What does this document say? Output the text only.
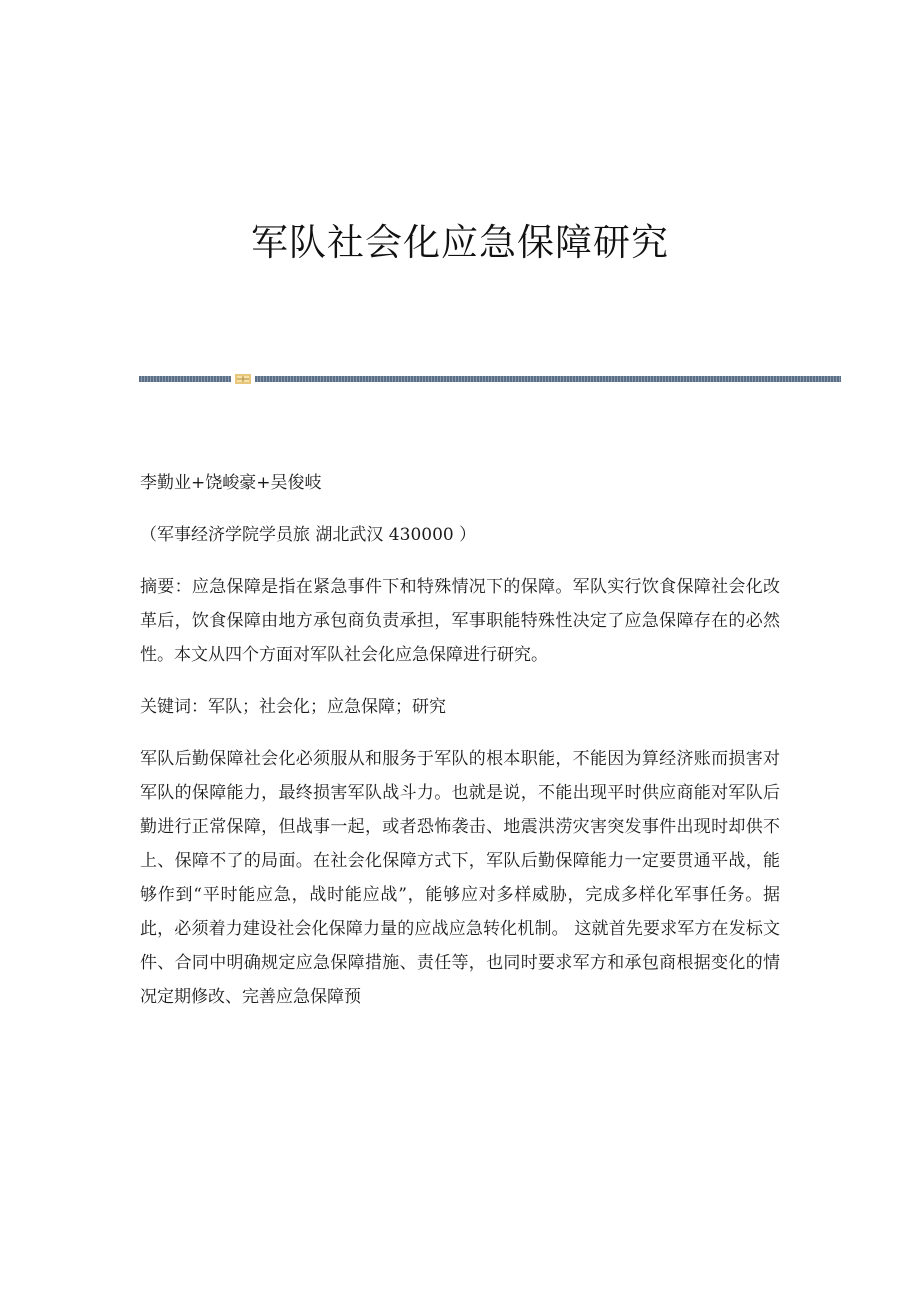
军队社会化应急保障研究

李勤业+饶峻豪+吴俊岐

（军事经济学院学员旅 湖北武汉 430000 ）

摘要：应急保障是指在紧急事件下和特殊情况下的保障。军队实行饮食保障社会化改革后，饮食保障由地方承包商负责承担，军事职能特殊性决定了应急保障存在的必然性。本文从四个方面对军队社会化应急保障进行研究。

关键词：军队；社会化；应急保障；研究

军队后勤保障社会化必须服从和服务于军队的根本职能，不能因为算经济账而损害对军队的保障能力，最终损害军队战斗力。也就是说，不能出现平时供应商能对军队后勤进行正常保障，但战事一起，或者恐怖袭击、地震洪涝灾害突发事件出现时却供不上、保障不了的局面。在社会化保障方式下，军队后勤保障能力一定要贯通平战，能够作到“平时能应急，战时能应战”，能够应对多样威胁，完成多样化军事任务。据此，必须着力建设社会化保障力量的应战应急转化机制。 这就首先要求军方在发标文件、合同中明确规定应急保障措施、责任等，也同时要求军方和承包商根据变化的情况定期修改、完善应急保障预
